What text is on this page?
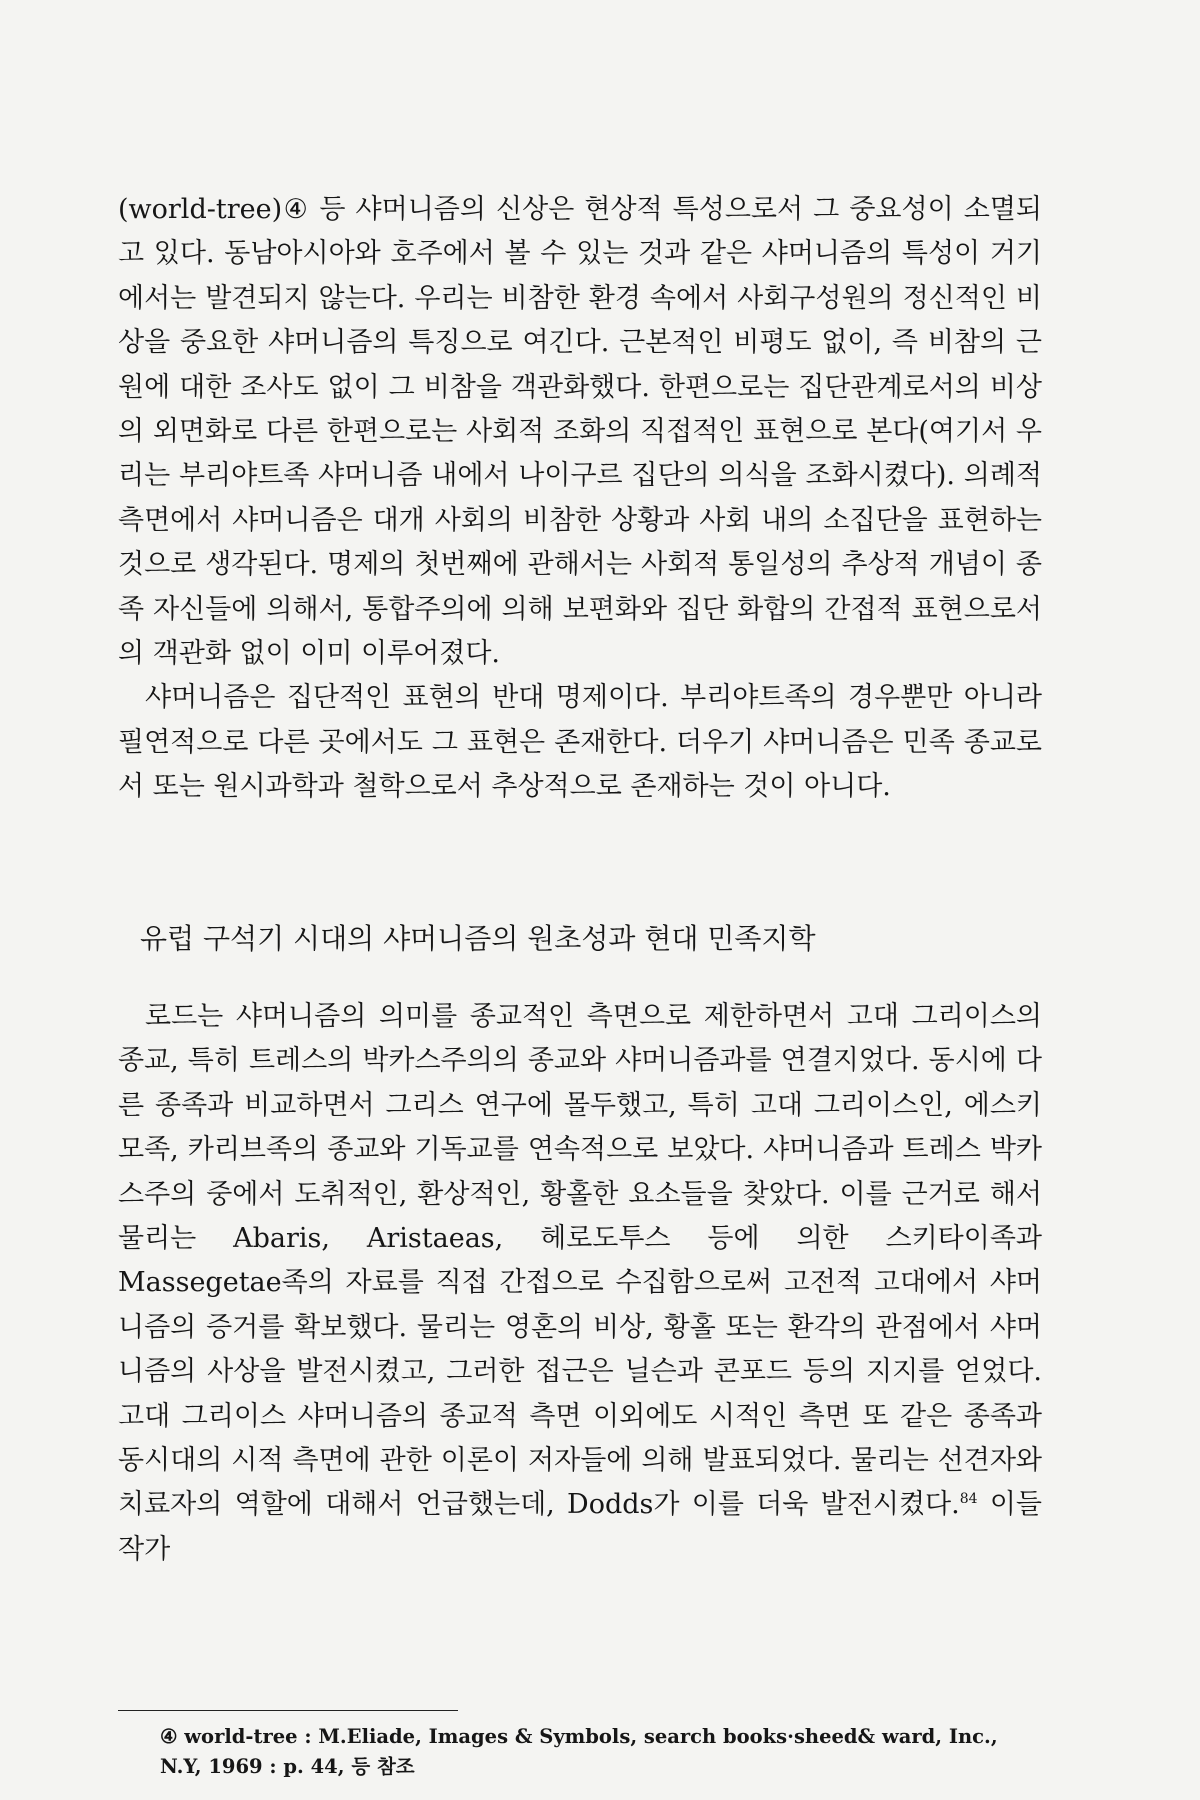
(world-tree)④ 등 샤머니즘의 신상은 현상적 특성으로서 그 중요성이 소멸되고 있다. 동남아시아와 호주에서 볼 수 있는 것과 같은 샤머니즘의 특성이 거기에서는 발견되지 않는다. 우리는 비참한 환경 속에서 사회구성원의 정신적인 비상을 중요한 샤머니즘의 특징으로 여긴다. 근본적인 비평도 없이, 즉 비참의 근원에 대한 조사도 없이 그 비참을 객관화했다. 한편으로는 집단관계로서의 비상의 외면화로 다른 한편으로는 사회적 조화의 직접적인 표현으로 본다(여기서 우리는 부리야트족 샤머니즘 내에서 나이구르 집단의 의식을 조화시켰다). 의례적 측면에서 샤머니즘은 대개 사회의 비참한 상황과 사회 내의 소집단을 표현하는 것으로 생각된다. 명제의 첫번째에 관해서는 사회적 통일성의 추상적 개념이 종족 자신들에 의해서, 통합주의에 의해 보편화와 집단 화합의 간접적 표현으로서의 객관화 없이 이미 이루어졌다.

샤머니즘은 집단적인 표현의 반대 명제이다. 부리야트족의 경우뿐만 아니라 필연적으로 다른 곳에서도 그 표현은 존재한다. 더우기 샤머니즘은 민족 종교로서 또는 원시과학과 철학으로서 추상적으로 존재하는 것이 아니다.

유럽 구석기 시대의 샤머니즘의 원초성과 현대 민족지학

로드는 샤머니즘의 의미를 종교적인 측면으로 제한하면서 고대 그리이스의 종교, 특히 트레스의 박카스주의의 종교와 샤머니즘과를 연결지었다. 동시에 다른 종족과 비교하면서 그리스 연구에 몰두했고, 특히 고대 그리이스인, 에스키모족, 카리브족의 종교와 기독교를 연속적으로 보았다. 샤머니즘과 트레스 박카스주의 중에서 도취적인, 환상적인, 황홀한 요소들을 찾았다. 이를 근거로 해서 물리는 Abaris, Aristaeas, 헤로도투스 등에 의한 스키타이족과 Massegetae족의 자료를 직접 간접으로 수집함으로써 고전적 고대에서 샤머니즘의 증거를 확보했다. 물리는 영혼의 비상, 황홀 또는 환각의 관점에서 샤머니즘의 사상을 발전시켰고, 그러한 접근은 닐슨과 콘포드 등의 지지를 얻었다. 고대 그리이스 샤머니즘의 종교적 측면 이외에도 시적인 측면 또 같은 종족과 동시대의 시적 측면에 관한 이론이 저자들에 의해 발표되었다. 물리는 선견자와 치료자의 역할에 대해서 언급했는데, Dodds가 이를 더욱 발전시켰다.$^{84}$ 이들 작가

④ world-tree : M.Eliade, Images & Symbols, search books·sheed& ward, Inc., N.Y, 1969 : p. 44, 등 참조
